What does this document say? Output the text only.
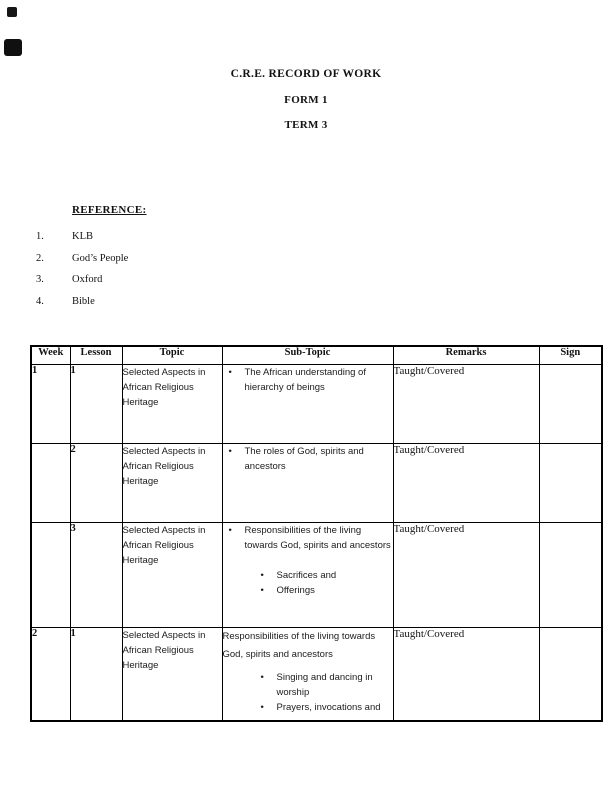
C.R.E. RECORD OF WORK
FORM 1
TERM 3
REFERENCE:
1.	KLB
2.	God’s People
3.	Oxford
4.	Bible
Week	Lesson	Topic	Sub-Topic	Remarks	Sign
1	1	Selected Aspects in African Religious Heritage	• The African understanding of hierarchy of beings	Taught/Covered	
	2	Selected Aspects in African Religious Heritage	• The roles of God, spirits and ancestors	Taught/Covered	
	3	Selected Aspects in African Religious Heritage	• Responsibilities of the living towards God, spirits and ancestors
• Sacrifices and
• Offerings	Taught/Covered	
2	1	Selected Aspects in African Religious Heritage	Responsibilities of the living towards God, spirits and ancestors
• Singing and dancing in worship
• Prayers, invocations and	Taught/Covered	
